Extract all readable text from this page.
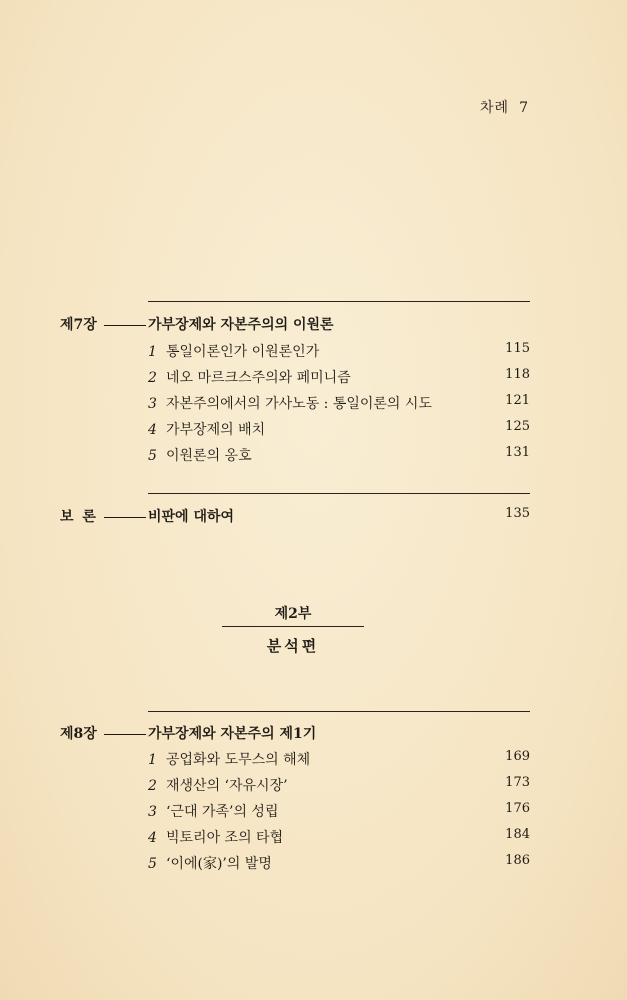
차례 7
제7장	가부장제와 자본주의의 이원론
1 통일이론인가 이원론인가	115
2 네오 마르크스주의와 페미니즘	118
3 자본주의에서의 가사노동 : 통일이론의 시도	121
4 가부장제의 배치	125
5 이원론의 옹호	131
보 론	비판에 대하여	135
제2부
분석편
제8장	가부장제와 자본주의 제1기
1 공업화와 도무스의 해체	169
2 재생산의 ‘자유시장’	173
3 ‘근대 가족’의 성립	176
4 빅토리아 조의 타협	184
5 ‘이에(家)’의 발명	186
